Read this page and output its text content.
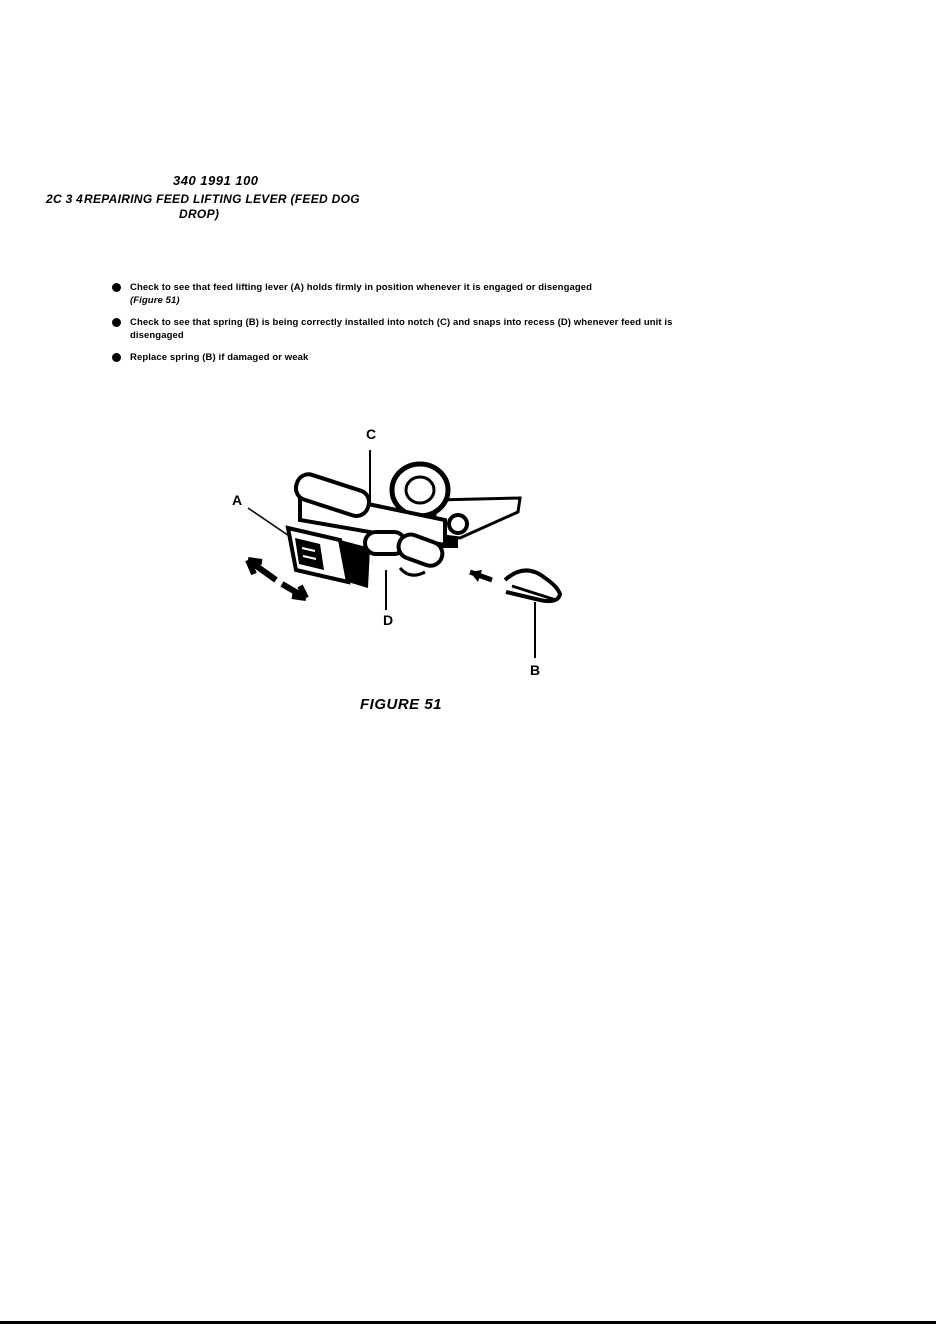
340 1991 100
2C 3 4REPAIRING FEED LIFTING LEVER (FEED DOG
DROP)
Check to see that feed lifting lever (A) holds firmly in position whenever it is engaged or disengaged
(Figure 51)
Check to see that spring (B) is being correctly installed into notch (C) and snaps into recess (D) whenever feed unit is disengaged
Replace spring (B) if damaged or weak
C
A
D
B
FIGURE 51
